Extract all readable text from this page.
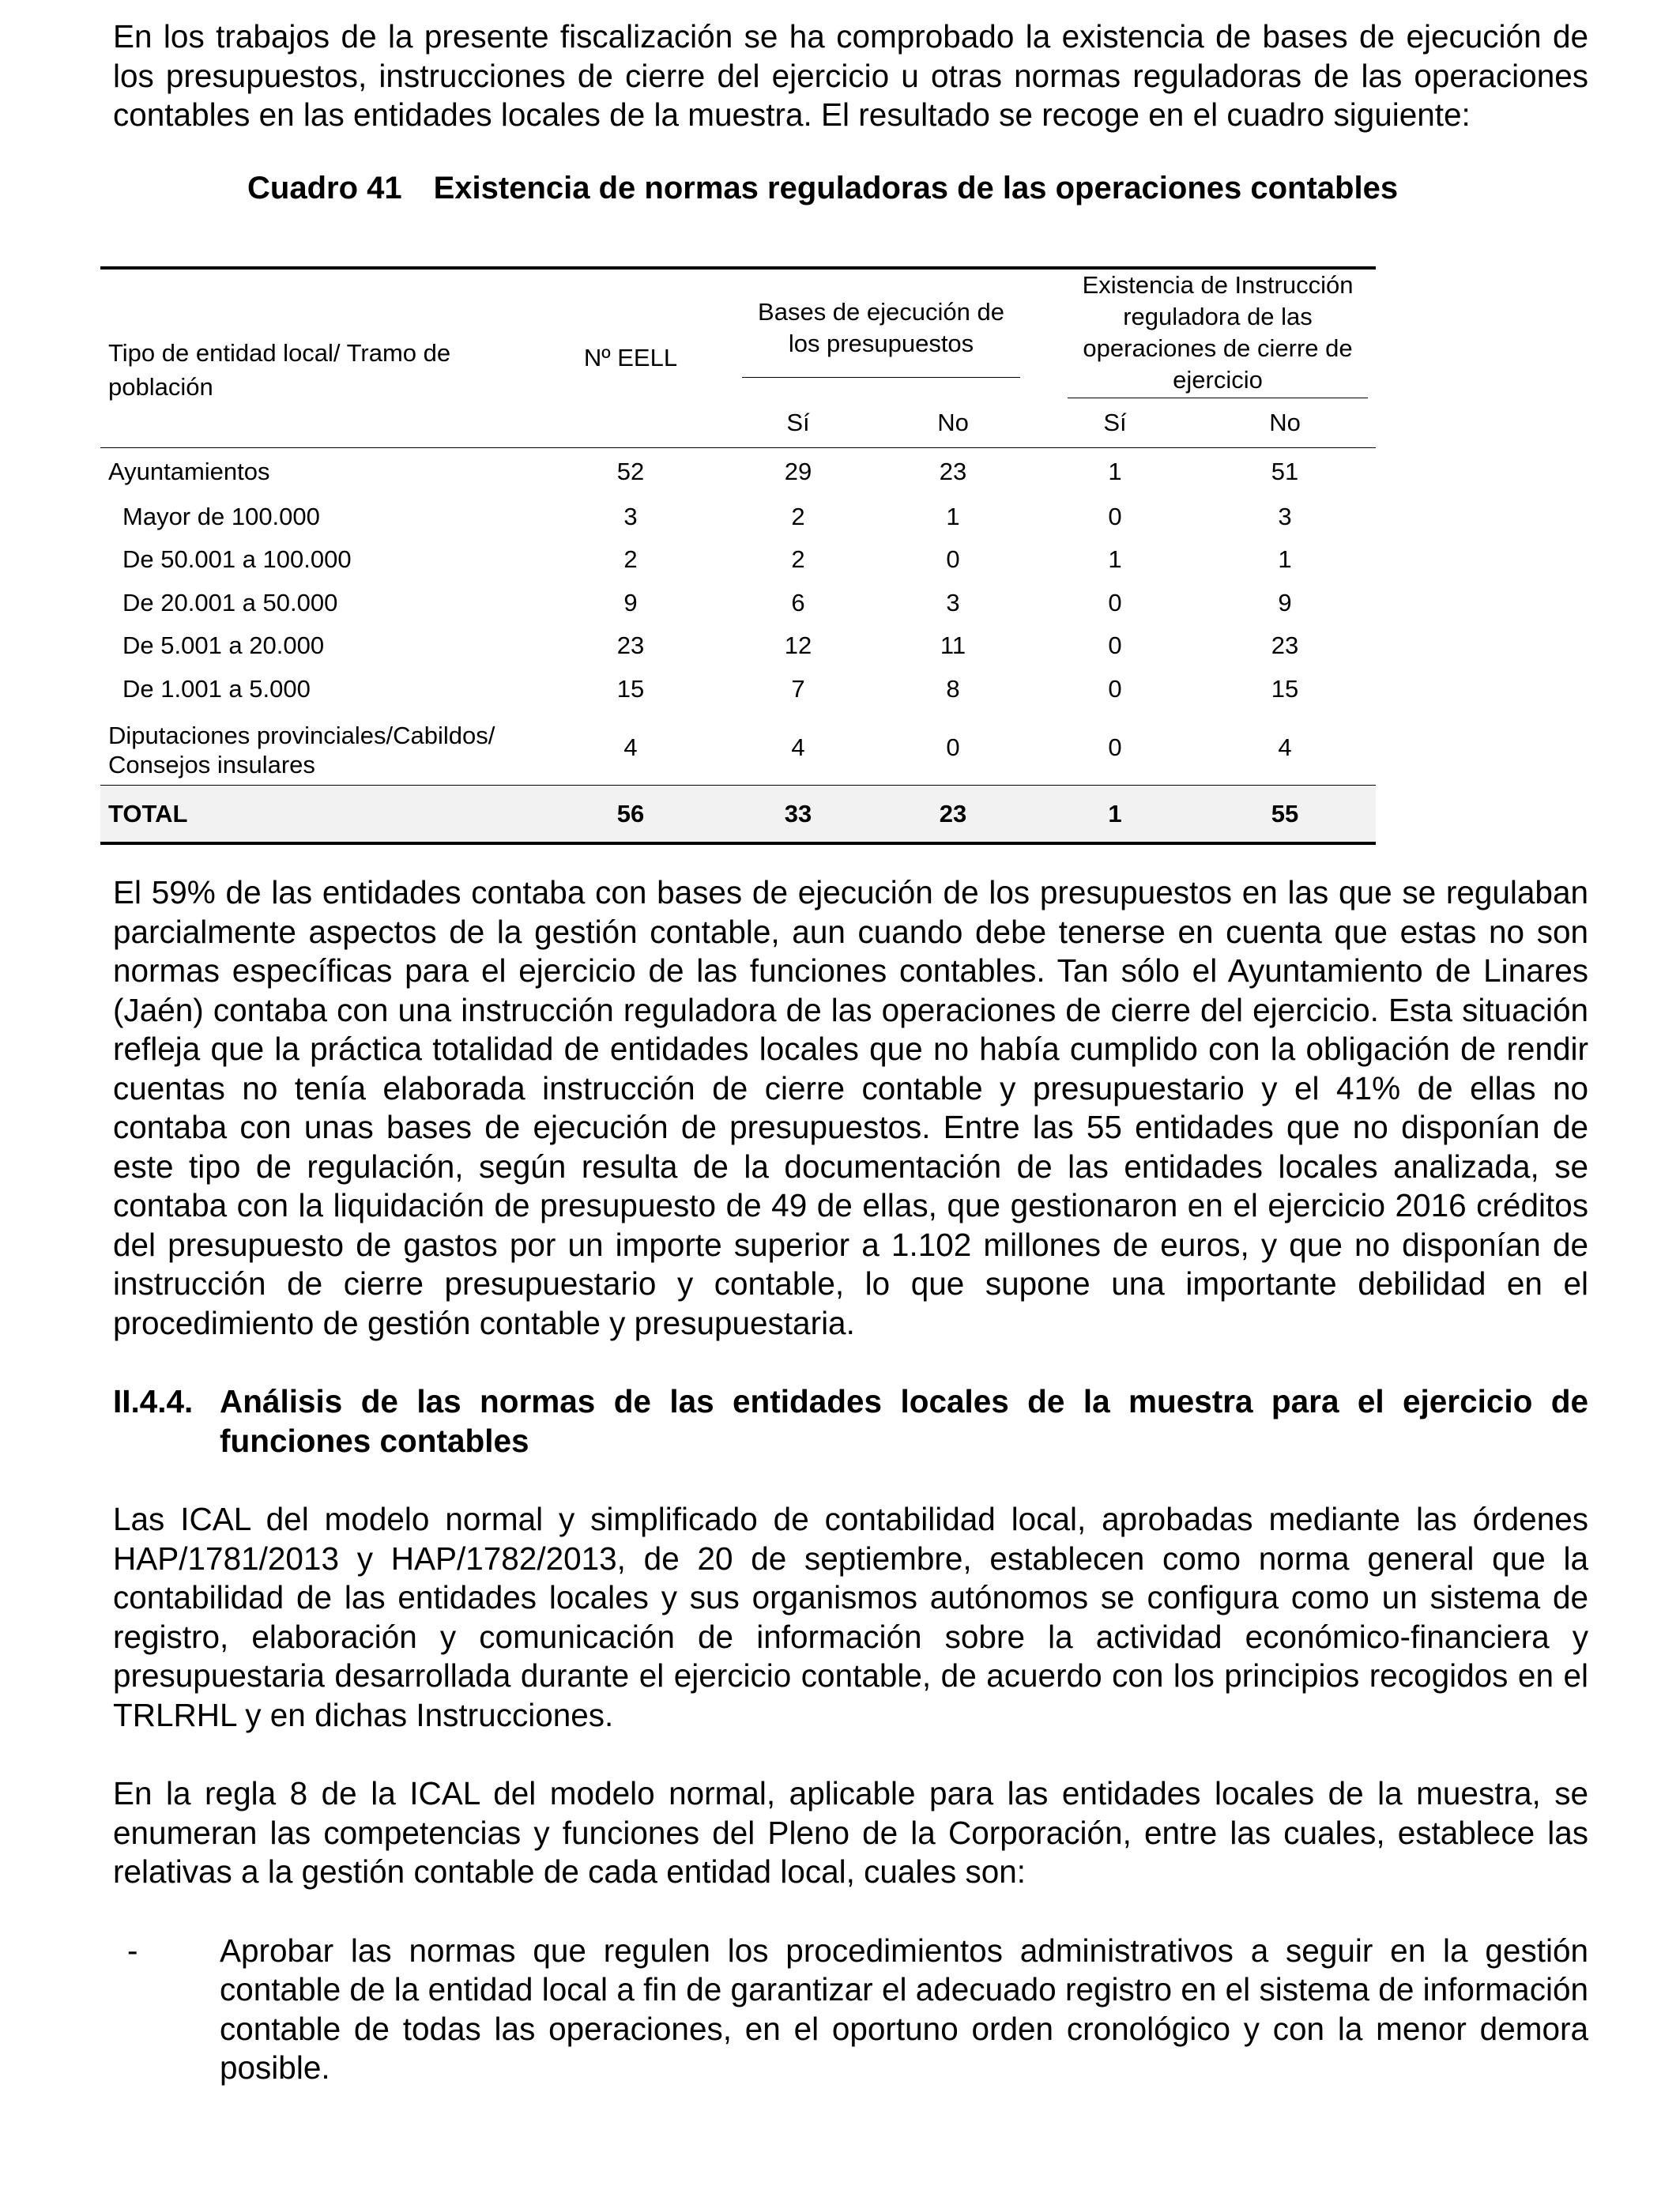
En los trabajos de la presente fiscalización se ha comprobado la existencia de bases de ejecución de los presupuestos, instrucciones de cierre del ejercicio u otras normas reguladoras de las operaciones contables en las entidades locales de la muestra. El resultado se recoge en el cuadro siguiente:

Cuadro 41 Existencia de normas reguladoras de las operaciones contables
Tipo de entidad local/ Tramo de población	Nº EELL	Bases de ejecución de los presupuestos		Existencia de Instrucción reguladora de las operaciones de cierre de ejercicio	

		Sí	No	Sí	No
Ayuntamientos	52	29	23	1	51
Mayor de 100.000	3	2	1	0	3
De 50.001 a 100.000	2	2	0	1	1
De 20.001 a 50.000	9	6	3	0	9
De 5.001 a 20.000	23	12	11	0	23
De 1.001 a 5.000	15	7	8	0	15
Diputaciones provinciales/Cabildos/ Consejos insulares	4	4	0	0	4
TOTAL	56	33	23	1	55

El 59% de las entidades contaba con bases de ejecución de los presupuestos en las que se regulaban parcialmente aspectos de la gestión contable, aun cuando debe tenerse en cuenta que estas no son normas específicas para el ejercicio de las funciones contables. Tan sólo el Ayuntamiento de Linares (Jaén) contaba con una instrucción reguladora de las operaciones de cierre del ejercicio. Esta situación refleja que la práctica totalidad de entidades locales que no había cumplido con la obligación de rendir cuentas no tenía elaborada instrucción de cierre contable y presupuestario y el 41% de ellas no contaba con unas bases de ejecución de presupuestos. Entre las 55 entidades que no disponían de este tipo de regulación, según resulta de la documentación de las entidades locales analizada, se contaba con la liquidación de presupuesto de 49 de ellas, que gestionaron en el ejercicio 2016 créditos del presupuesto de gastos por un importe superior a 1.102 millones de euros, y que no disponían de instrucción de cierre presupuestario y contable, lo que supone una importante debilidad en el procedimiento de gestión contable y presupuestaria.

II.4.4. Análisis de las normas de las entidades locales de la muestra para el ejercicio de funciones contables

Las ICAL del modelo normal y simplificado de contabilidad local, aprobadas mediante las órdenes HAP/1781/2013 y HAP/1782/2013, de 20 de septiembre, establecen como norma general que la contabilidad de las entidades locales y sus organismos autónomos se configura como un sistema de registro, elaboración y comunicación de información sobre la actividad económico-financiera y presupuestaria desarrollada durante el ejercicio contable, de acuerdo con los principios recogidos en el TRLRHL y en dichas Instrucciones.

En la regla 8 de la ICAL del modelo normal, aplicable para las entidades locales de la muestra, se enumeran las competencias y funciones del Pleno de la Corporación, entre las cuales, establece las relativas a la gestión contable de cada entidad local, cuales son:

-	Aprobar las normas que regulen los procedimientos administrativos a seguir en la gestión contable de la entidad local a fin de garantizar el adecuado registro en el sistema de información contable de todas las operaciones, en el oportuno orden cronológico y con la menor demora posible.
